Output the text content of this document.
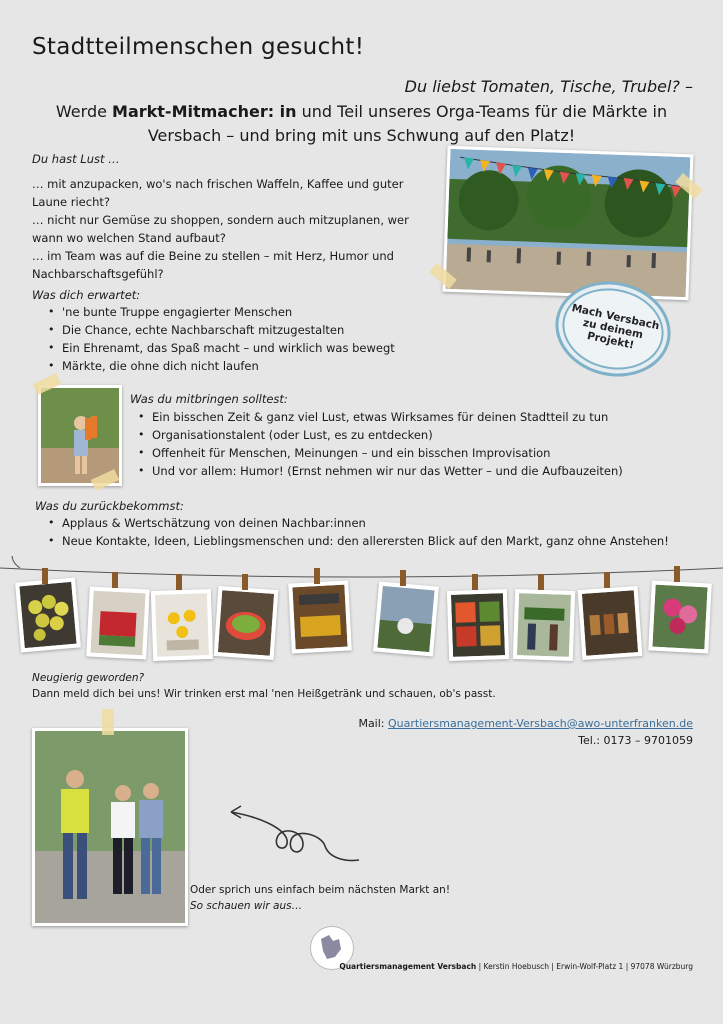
Stadtteilmenschen gesucht!
Du liebst Tomaten, Tische, Trubel? –
Werde Markt-Mitmacher: in und Teil unseres Orga-Teams für die Märkte in
Versbach – und bring mit uns Schwung auf den Platz!
Du hast Lust …
… mit anzupacken, wo's nach frischen Waffeln, Kaffee und guter
Laune riecht?
… nicht nur Gemüse zu shoppen, sondern auch mitzuplanen, wer
wann wo welchen Stand aufbaut?
… im Team was auf die Beine zu stellen – mit Herz, Humor und
Nachbarschaftsgefühl?
Was dich erwartet:
• 'ne bunte Truppe engagierter Menschen
• Die Chance, echte Nachbarschaft mitzugestalten
• Ein Ehrenamt, das Spaß macht – und wirklich was bewegt
• Märkte, die ohne dich nicht laufen
Mach Versbach zu deinem Projekt!
Was du mitbringen solltest:
• Ein bisschen Zeit & ganz viel Lust, etwas Wirksames für deinen Stadtteil zu tun
• Organisationstalent (oder Lust, es zu entdecken)
• Offenheit für Menschen, Meinungen – und ein bisschen Improvisation
• Und vor allem: Humor! (Ernst nehmen wir nur das Wetter – und die Aufbauzeiten)
Was du zurückbekommst:
• Applaus & Wertschätzung von deinen Nachbar:innen
• Neue Kontakte, Ideen, Lieblingsmenschen und: den allerersten Blick auf den Markt, ganz ohne Anstehen!
Neugierig geworden?
Dann meld dich bei uns! Wir trinken erst mal 'nen Heißgetränk und schauen, ob's passt.
Mail: Quartiersmanagement-Versbach@awo-unterfranken.de
Tel.: 0173 – 9701059
Oder sprich uns einfach beim nächsten Markt an!
So schauen wir aus…
Quartiersmanagement Versbach | Kerstin Hoebusch | Erwin-Wolf-Platz 1 | 97078 Würzburg
